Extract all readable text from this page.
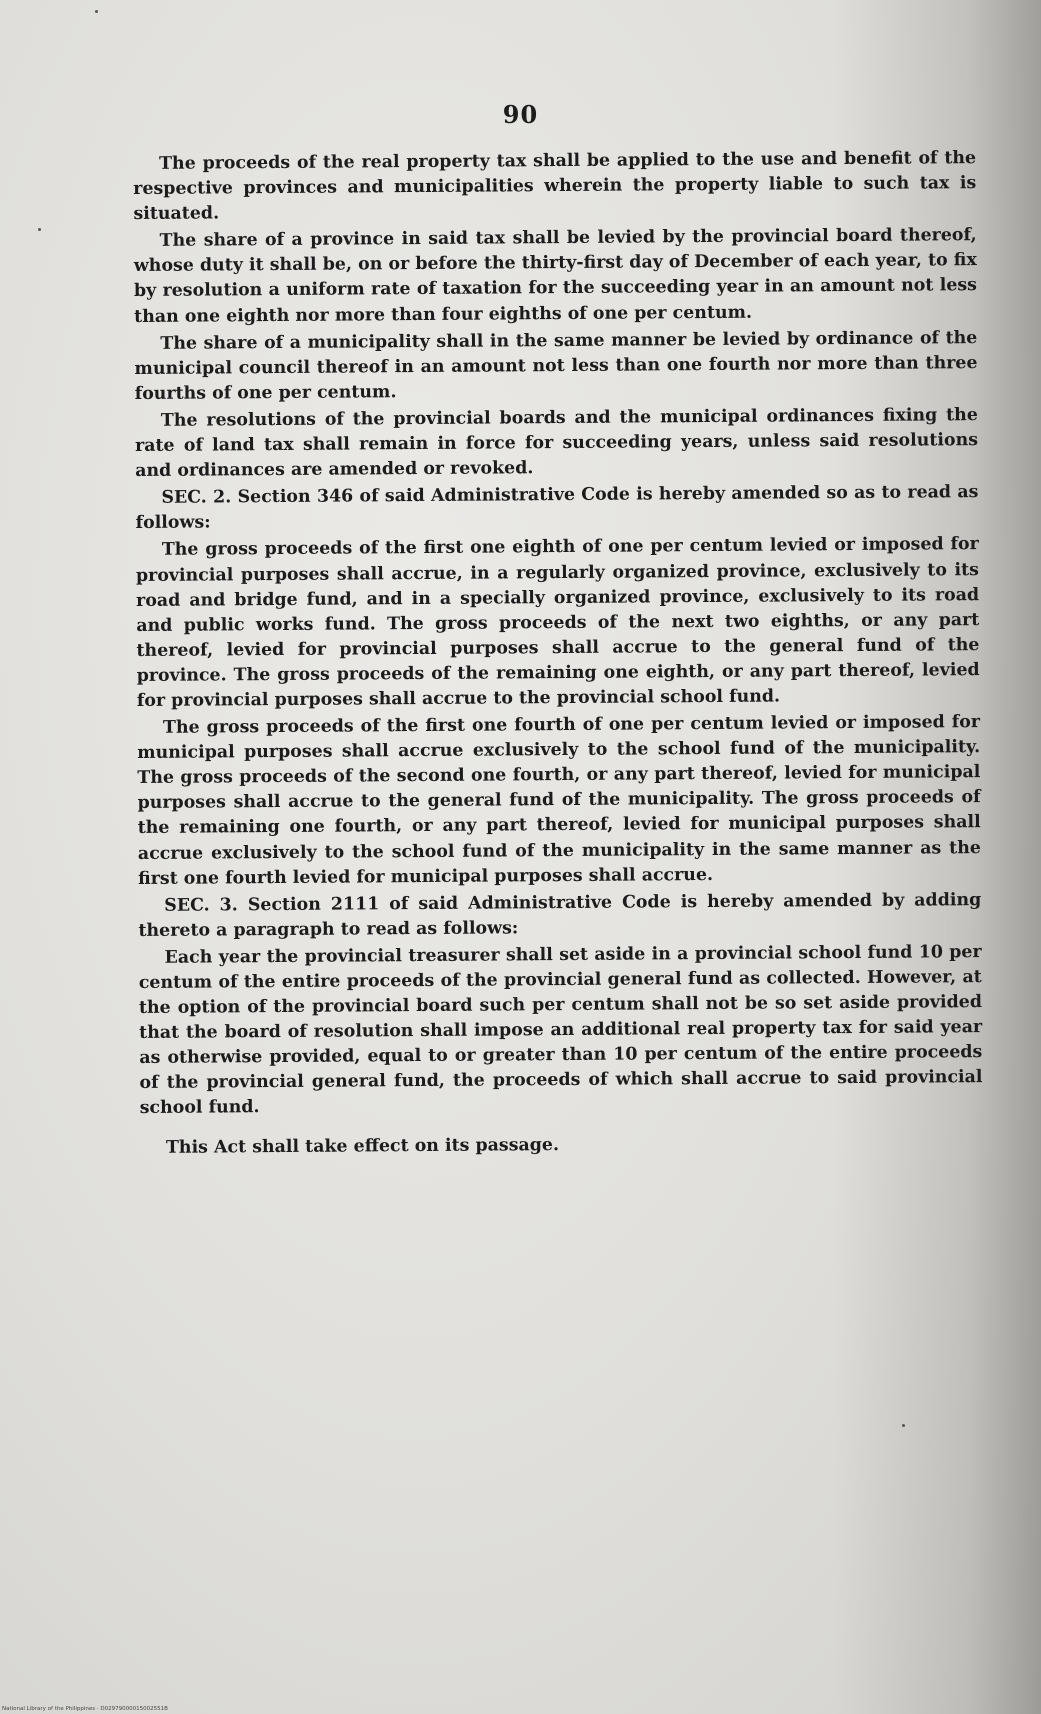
90

The proceeds of the real property tax shall be applied to the use and benefit of the respective provinces and municipalities wherein the property liable to such tax is situated.

The share of a province in said tax shall be levied by the provincial board thereof, whose duty it shall be, on or before the thirty-first day of December of each year, to fix by resolution a uniform rate of taxation for the succeeding year in an amount not less than one eighth nor more than four eighths of one per centum.

The share of a municipality shall in the same manner be levied by ordinance of the municipal council thereof in an amount not less than one fourth nor more than three fourths of one per centum.

The resolutions of the provincial boards and the municipal ordinances fixing the rate of land tax shall remain in force for succeeding years, unless said resolutions and ordinances are amended or revoked.

SEC. 2. Section 346 of said Administrative Code is hereby amended so as to read as follows:

The gross proceeds of the first one eighth of one per centum levied or imposed for provincial purposes shall accrue, in a regularly organized province, exclusively to its road and bridge fund, and in a specially organized province, exclusively to its road and public works fund. The gross proceeds of the next two eighths, or any part thereof, levied for provincial purposes shall accrue to the general fund of the province. The gross proceeds of the remaining one eighth, or any part thereof, levied for provincial purposes shall accrue to the provincial school fund.

The gross proceeds of the first one fourth of one per centum levied or imposed for municipal purposes shall accrue exclusively to the school fund of the municipality. The gross proceeds of the second one fourth, or any part thereof, levied for municipal purposes shall accrue to the general fund of the municipality. The gross proceeds of the remaining one fourth, or any part thereof, levied for municipal purposes shall accrue exclusively to the school fund of the municipality in the same manner as the first one fourth levied for municipal purposes shall accrue.

SEC. 3. Section 2111 of said Administrative Code is hereby amended by adding thereto a paragraph to read as follows:

Each year the provincial treasurer shall set aside in a provincial school fund 10 per centum of the entire proceeds of the provincial general fund as collected. However, at the option of the provincial board such per centum shall not be so set aside provided that the board of resolution shall impose an additional real property tax for said year as otherwise provided, equal to or greater than 10 per centum of the entire proceeds of the provincial general fund, the proceeds of which shall accrue to said provincial school fund.

This Act shall take effect on its passage.

National Library of the Philippines · D02979000015002551B
